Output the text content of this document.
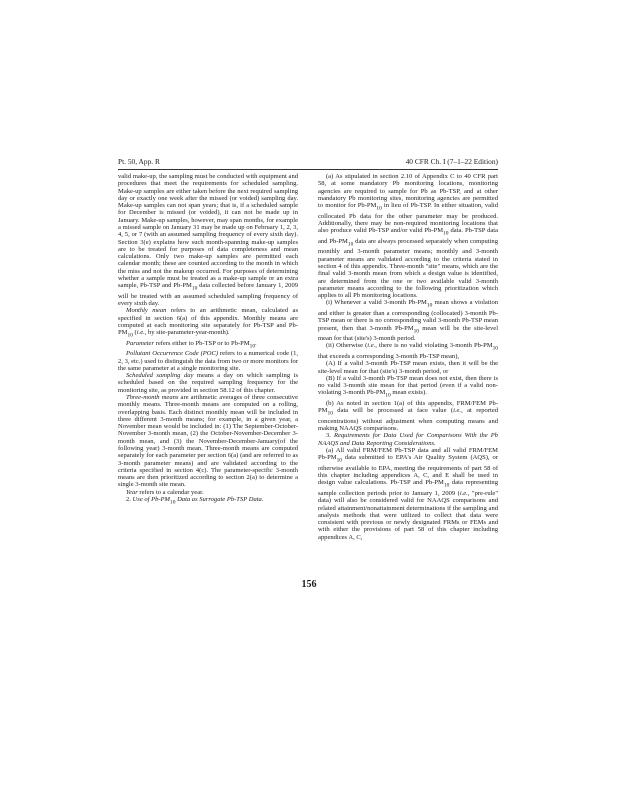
Pt. 50, App. R	40 CFR Ch. I (7–1–22 Edition)

valid make-up, the sampling must be conducted with equipment and procedures that meet the requirements for scheduled sampling. Make-up samples are either taken before the next required sampling day or exactly one week after the missed (or voided) sampling day. Make-up samples can not span years; that is, if a scheduled sample for December is missed (or voided), it can not be made up in January. Make-up samples, however, may span months, for example a missed sample on January 31 may be made up on February 1, 2, 3, 4, 5, or 7 (with an assumed sampling frequency of every sixth day). Section 3(e) explains how such month-spanning make-up samples are to be treated for purposes of data completeness and mean calculations. Only two make-up samples are permitted each calendar month; these are counted according to the month in which the miss and not the makeup occurred. For purposes of determining whether a sample must be treated as a make-up sample or an extra sample, Pb-TSP and $Pb-PM_{10}$ data collected before January 1, 2009 will be treated with an assumed scheduled sampling frequency of every sixth day.

Monthly mean refers to an arithmetic mean, calculated as specified in section 6(a) of this appendix. Monthly means are computed at each monitoring site separately for Pb-TSP and $Pb-PM_{10}$ (i.e., by site-parameter-year-month).

Parameter refers either to Pb-TSP or to $Pb-PM_{10}$.

Pollutant Occurrence Code (POC) refers to a numerical code (1, 2, 3, etc.) used to distinguish the data from two or more monitors for the same parameter at a single monitoring site.

Scheduled sampling day means a day on which sampling is scheduled based on the required sampling frequency for the monitoring site, as provided in section 58.12 of this chapter.

Three-month means are arithmetic averages of three consecutive monthly means. Three-month means are computed on a rolling, overlapping basis. Each distinct monthly mean will be included in three different 3-month means; for example, in a given year, a November mean would be included in: (1) The September-October-November 3-month mean, (2) the October-November-December 3-month mean, and (3) the November-December-January(of the following year) 3-month mean. Three-month means are computed separately for each parameter per section 6(a) (and are referred to as 3-month parameter means) and are validated according to the criteria specified in section 4(c). The parameter-specific 3-month means are then prioritized according to section 2(a) to determine a single 3-month site mean.

Year refers to a calendar year.

2. Use of $Pb-PM_{10}$ Data as Surrogate Pb-TSP Data.

(a) As stipulated in section 2.10 of Appendix C to 40 CFR part 58, at some mandatory Pb monitoring locations, monitoring agencies are required to sample for Pb as Pb-TSP, and at other mandatory Pb monitoring sites, monitoring agencies are permitted to monitor for $Pb-PM_{10}$ in lieu of Pb-TSP. In either situation, valid collocated Pb data for the other parameter may be produced. Additionally, there may be non-required monitoring locations that also produce valid Pb-TSP and/or valid $Pb-PM_{10}$ data. Pb-TSP data and $Pb-PM_{10}$ data are always processed separately when computing monthly and 3-month parameter means; monthly and 3-month parameter means are validated according to the criteria stated in section 4 of this appendix. Three-month "site" means, which are the final valid 3-month mean from which a design value is identified, are determined from the one or two available valid 3-month parameter means according to the following prioritization which applies to all Pb monitoring locations.

(i) Whenever a valid 3-month $Pb-PM_{10}$ mean shows a violation and either is greater than a corresponding (collocated) 3-month Pb-TSP mean or there is no corresponding valid 3-month Pb-TSP mean present, then that 3-month $Pb-PM_{10}$ mean will be the site-level mean for that (site's) 3-month period.

(ii) Otherwise (i.e., there is no valid violating 3-month $Pb-PM_{10}$ that exceeds a corresponding 3-month Pb-TSP mean),

(A) If a valid 3-month Pb-TSP mean exists, then it will be the site-level mean for that (site's) 3-month period, or

(B) If a valid 3-month Pb-TSP mean does not exist, then there is no valid 3-month site mean for that period (even if a valid non-violating 3-month $Pb-PM_{10}$ mean exists).

(b) As noted in section 1(a) of this appendix, FRM/FEM $Pb-PM_{10}$ data will be processed at face value (i.e., at reported concentrations) without adjustment when computing means and making NAAQS comparisons.

3. Requirements for Data Used for Comparisons With the Pb NAAQS and Data Reporting Considerations.

(a) All valid FRM/FEM Pb-TSP data and all valid FRM/FEM $Pb-PM_{10}$ data submitted to EPA's Air Quality System (AQS), or otherwise available to EPA, meeting the requirements of part 58 of this chapter including appendices A, C, and E shall be used in design value calculations. Pb-TSP and $Pb-PM_{10}$ data representing sample collection periods prior to January 1, 2009 (i.e., "pre-rule" data) will also be considered valid for NAAQS comparisons and related attainment/nonattainment determinations if the sampling and analysis methods that were utilized to collect that data were consistent with previous or newly designated FRMs or FEMs and with either the provisions of part 58 of this chapter including appendices A, C,

156
